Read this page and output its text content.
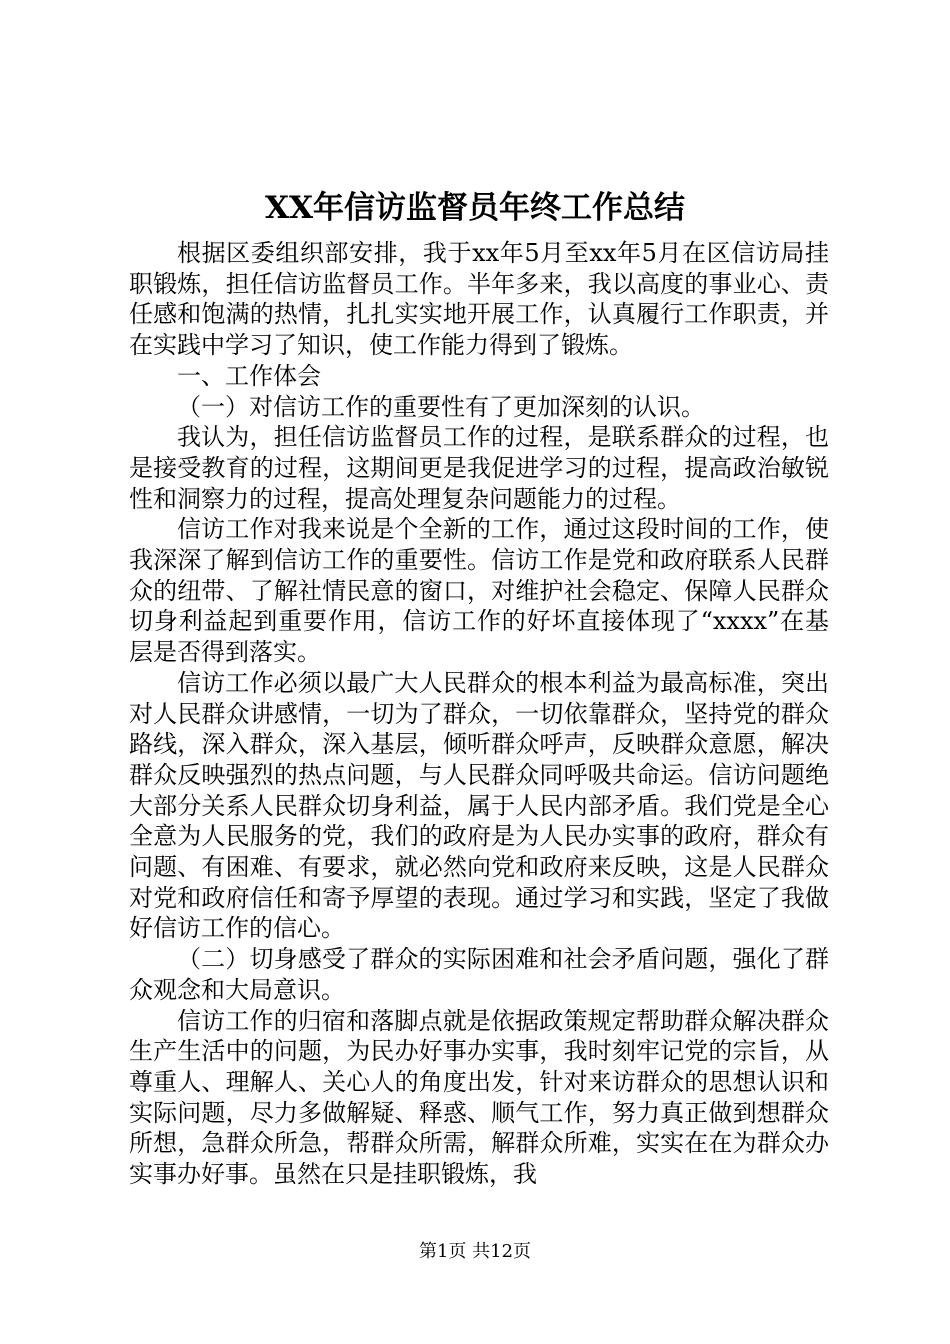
XX年信访监督员年终工作总结

根据区委组织部安排，我于xx年5月至xx年5月在区信访局挂职锻炼，担任信访监督员工作。半年多来，我以高度的事业心、责任感和饱满的热情，扎扎实实地开展工作，认真履行工作职责，并在实践中学习了知识，使工作能力得到了锻炼。

一、工作体会

（一）对信访工作的重要性有了更加深刻的认识。

我认为，担任信访监督员工作的过程，是联系群众的过程，也是接受教育的过程，这期间更是我促进学习的过程，提高政治敏锐性和洞察力的过程，提高处理复杂问题能力的过程。

信访工作对我来说是个全新的工作，通过这段时间的工作，使我深深了解到信访工作的重要性。信访工作是党和政府联系人民群众的纽带、了解社情民意的窗口，对维护社会稳定、保障人民群众切身利益起到重要作用，信访工作的好坏直接体现了“xxxx”在基层是否得到落实。

信访工作必须以最广大人民群众的根本利益为最高标准，突出对人民群众讲感情，一切为了群众，一切依靠群众，坚持党的群众路线，深入群众，深入基层，倾听群众呼声，反映群众意愿，解决群众反映强烈的热点问题，与人民群众同呼吸共命运。信访问题绝大部分关系人民群众切身利益，属于人民内部矛盾。我们党是全心全意为人民服务的党，我们的政府是为人民办实事的政府，群众有问题、有困难、有要求，就必然向党和政府来反映，这是人民群众对党和政府信任和寄予厚望的表现。通过学习和实践，坚定了我做好信访工作的信心。

（二）切身感受了群众的实际困难和社会矛盾问题，强化了群众观念和大局意识。

信访工作的归宿和落脚点就是依据政策规定帮助群众解决群众生产生活中的问题，为民办好事办实事，我时刻牢记党的宗旨，从尊重人、理解人、关心人的角度出发，针对来访群众的思想认识和实际问题，尽力多做解疑、释惑、顺气工作，努力真正做到想群众所想，急群众所急，帮群众所需，解群众所难，实实在在为群众办实事办好事。虽然在只是挂职锻炼，我

第1页 共12页
